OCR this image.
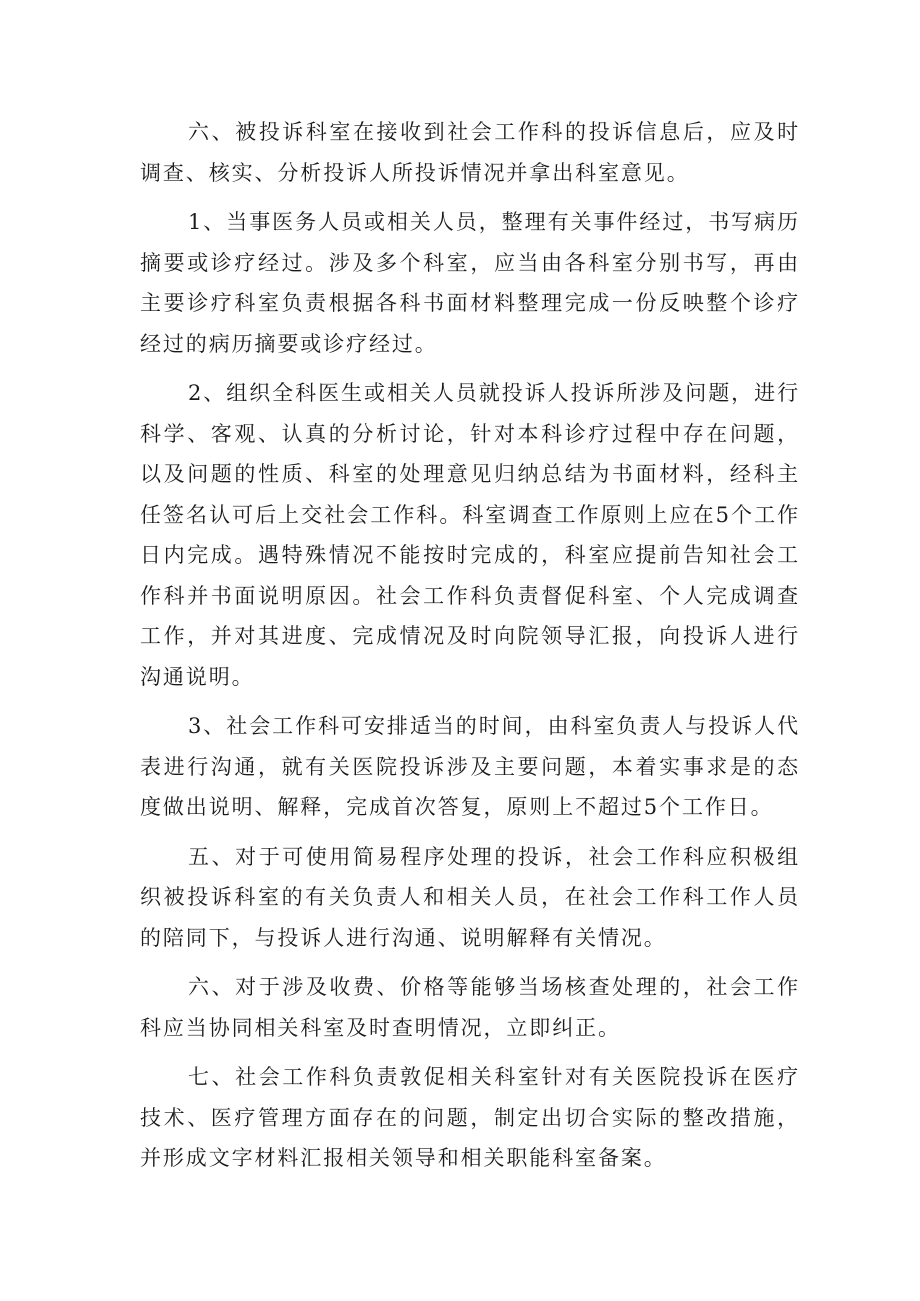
六、被投诉科室在接收到社会工作科的投诉信息后，应及时调查、核实、分析投诉人所投诉情况并拿出科室意见。

1、当事医务人员或相关人员，整理有关事件经过，书写病历摘要或诊疗经过。涉及多个科室，应当由各科室分别书写，再由主要诊疗科室负责根据各科书面材料整理完成一份反映整个诊疗经过的病历摘要或诊疗经过。

2、组织全科医生或相关人员就投诉人投诉所涉及问题，进行科学、客观、认真的分析讨论，针对本科诊疗过程中存在问题，以及问题的性质、科室的处理意见归纳总结为书面材料，经科主任签名认可后上交社会工作科。科室调查工作原则上应在5个工作日内完成。遇特殊情况不能按时完成的，科室应提前告知社会工作科并书面说明原因。社会工作科负责督促科室、个人完成调查工作，并对其进度、完成情况及时向院领导汇报，向投诉人进行沟通说明。

3、社会工作科可安排适当的时间，由科室负责人与投诉人代表进行沟通，就有关医院投诉涉及主要问题，本着实事求是的态度做出说明、解释，完成首次答复，原则上不超过5个工作日。

五、对于可使用简易程序处理的投诉，社会工作科应积极组织被投诉科室的有关负责人和相关人员，在社会工作科工作人员的陪同下，与投诉人进行沟通、说明解释有关情况。

六、对于涉及收费、价格等能够当场核查处理的，社会工作科应当协同相关科室及时查明情况，立即纠正。

七、社会工作科负责敦促相关科室针对有关医院投诉在医疗技术、医疗管理方面存在的问题，制定出切合实际的整改措施，并形成文字材料汇报相关领导和相关职能科室备案。
